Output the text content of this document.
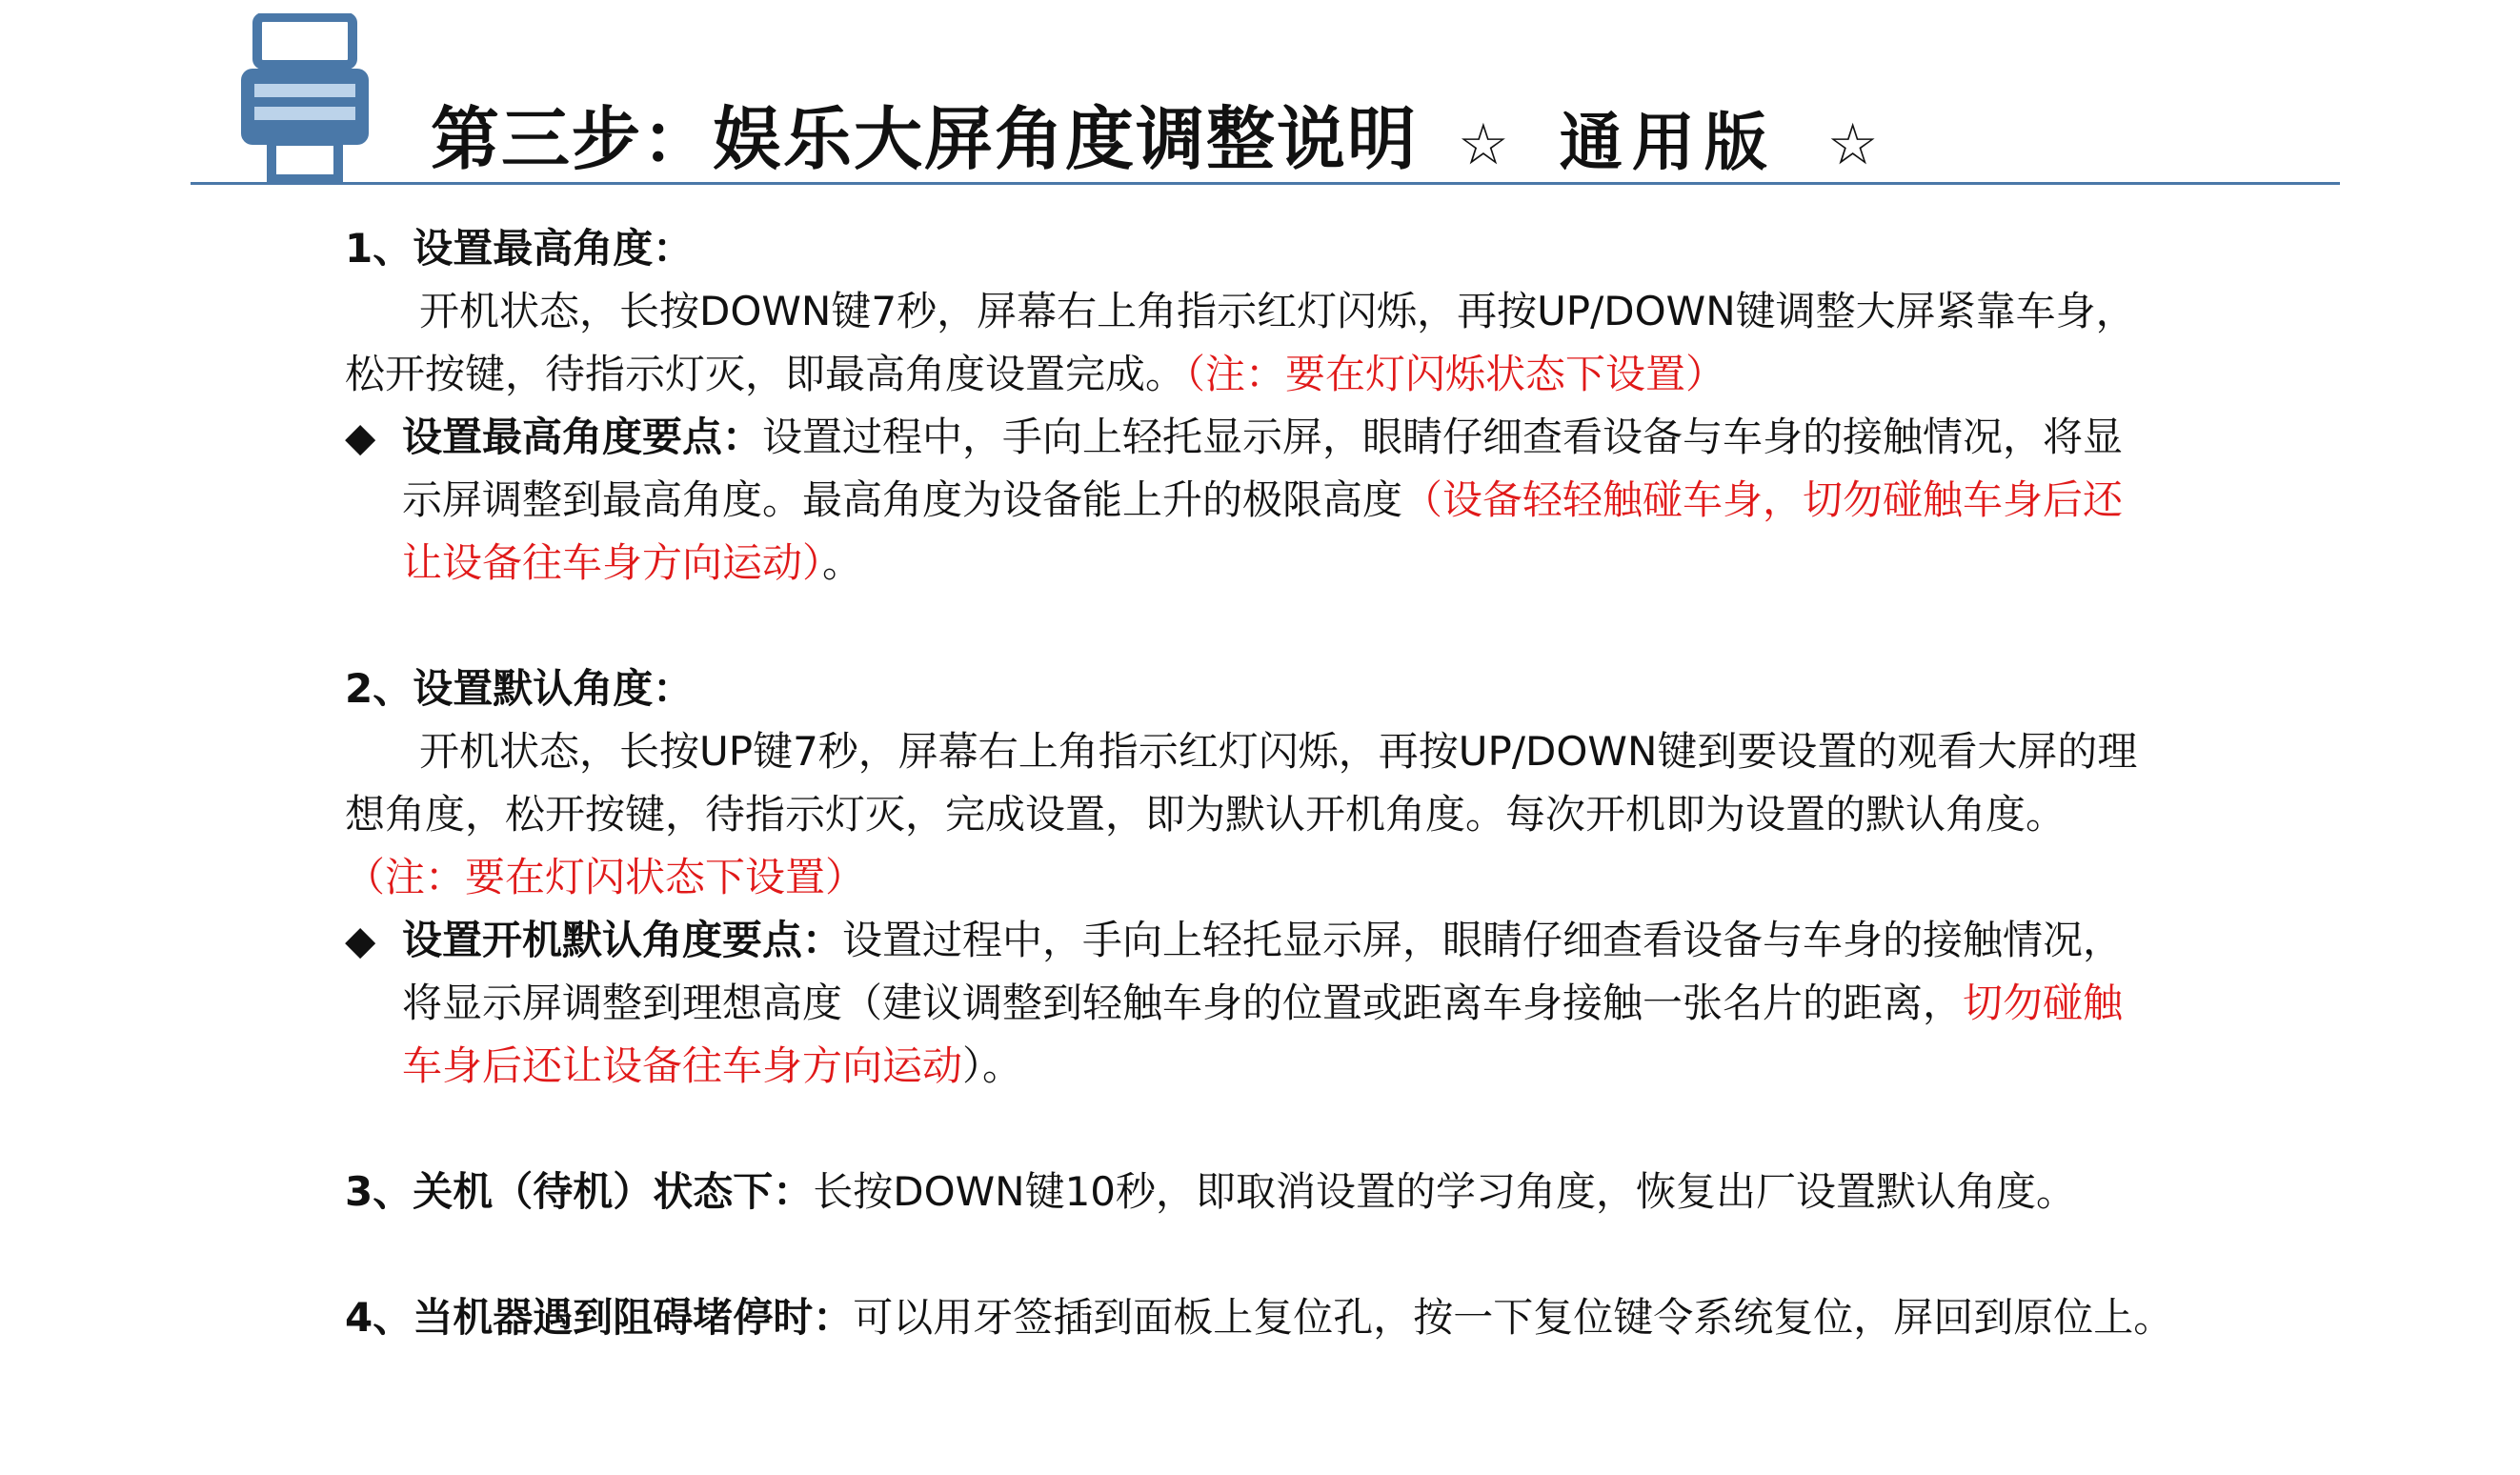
第三步：娱乐大屏角度调整说明 ☆ 通用版 ☆
1、设置最高角度：
开机状态，长按DOWN键7秒，屏幕右上角指示红灯闪烁，再按UP/DOWN键调整大屏紧靠车身，
松开按键，待指示灯灭，即最高角度设置完成。（注：要在灯闪烁状态下设置）
◆ 设置最高角度要点：设置过程中，手向上轻托显示屏，眼睛仔细查看设备与车身的接触情况，将显
示屏调整到最高角度。最高角度为设备能上升的极限高度（设备轻轻触碰车身，切勿碰触车身后还
让设备往车身方向运动）。
2、设置默认角度：
开机状态，长按UP键7秒，屏幕右上角指示红灯闪烁，再按UP/DOWN键到要设置的观看大屏的理
想角度，松开按键，待指示灯灭，完成设置，即为默认开机角度。每次开机即为设置的默认角度。
（注：要在灯闪状态下设置）
◆ 设置开机默认角度要点：设置过程中，手向上轻托显示屏，眼睛仔细查看设备与车身的接触情况，
将显示屏调整到理想高度（建议调整到轻触车身的位置或距离车身接触一张名片的距离，切勿碰触
车身后还让设备往车身方向运动）。
3、关机（待机）状态下：长按DOWN键10秒，即取消设置的学习角度，恢复出厂设置默认角度。
4、当机器遇到阻碍堵停时：可以用牙签插到面板上复位孔，按一下复位键令系统复位，屏回到原位上。
